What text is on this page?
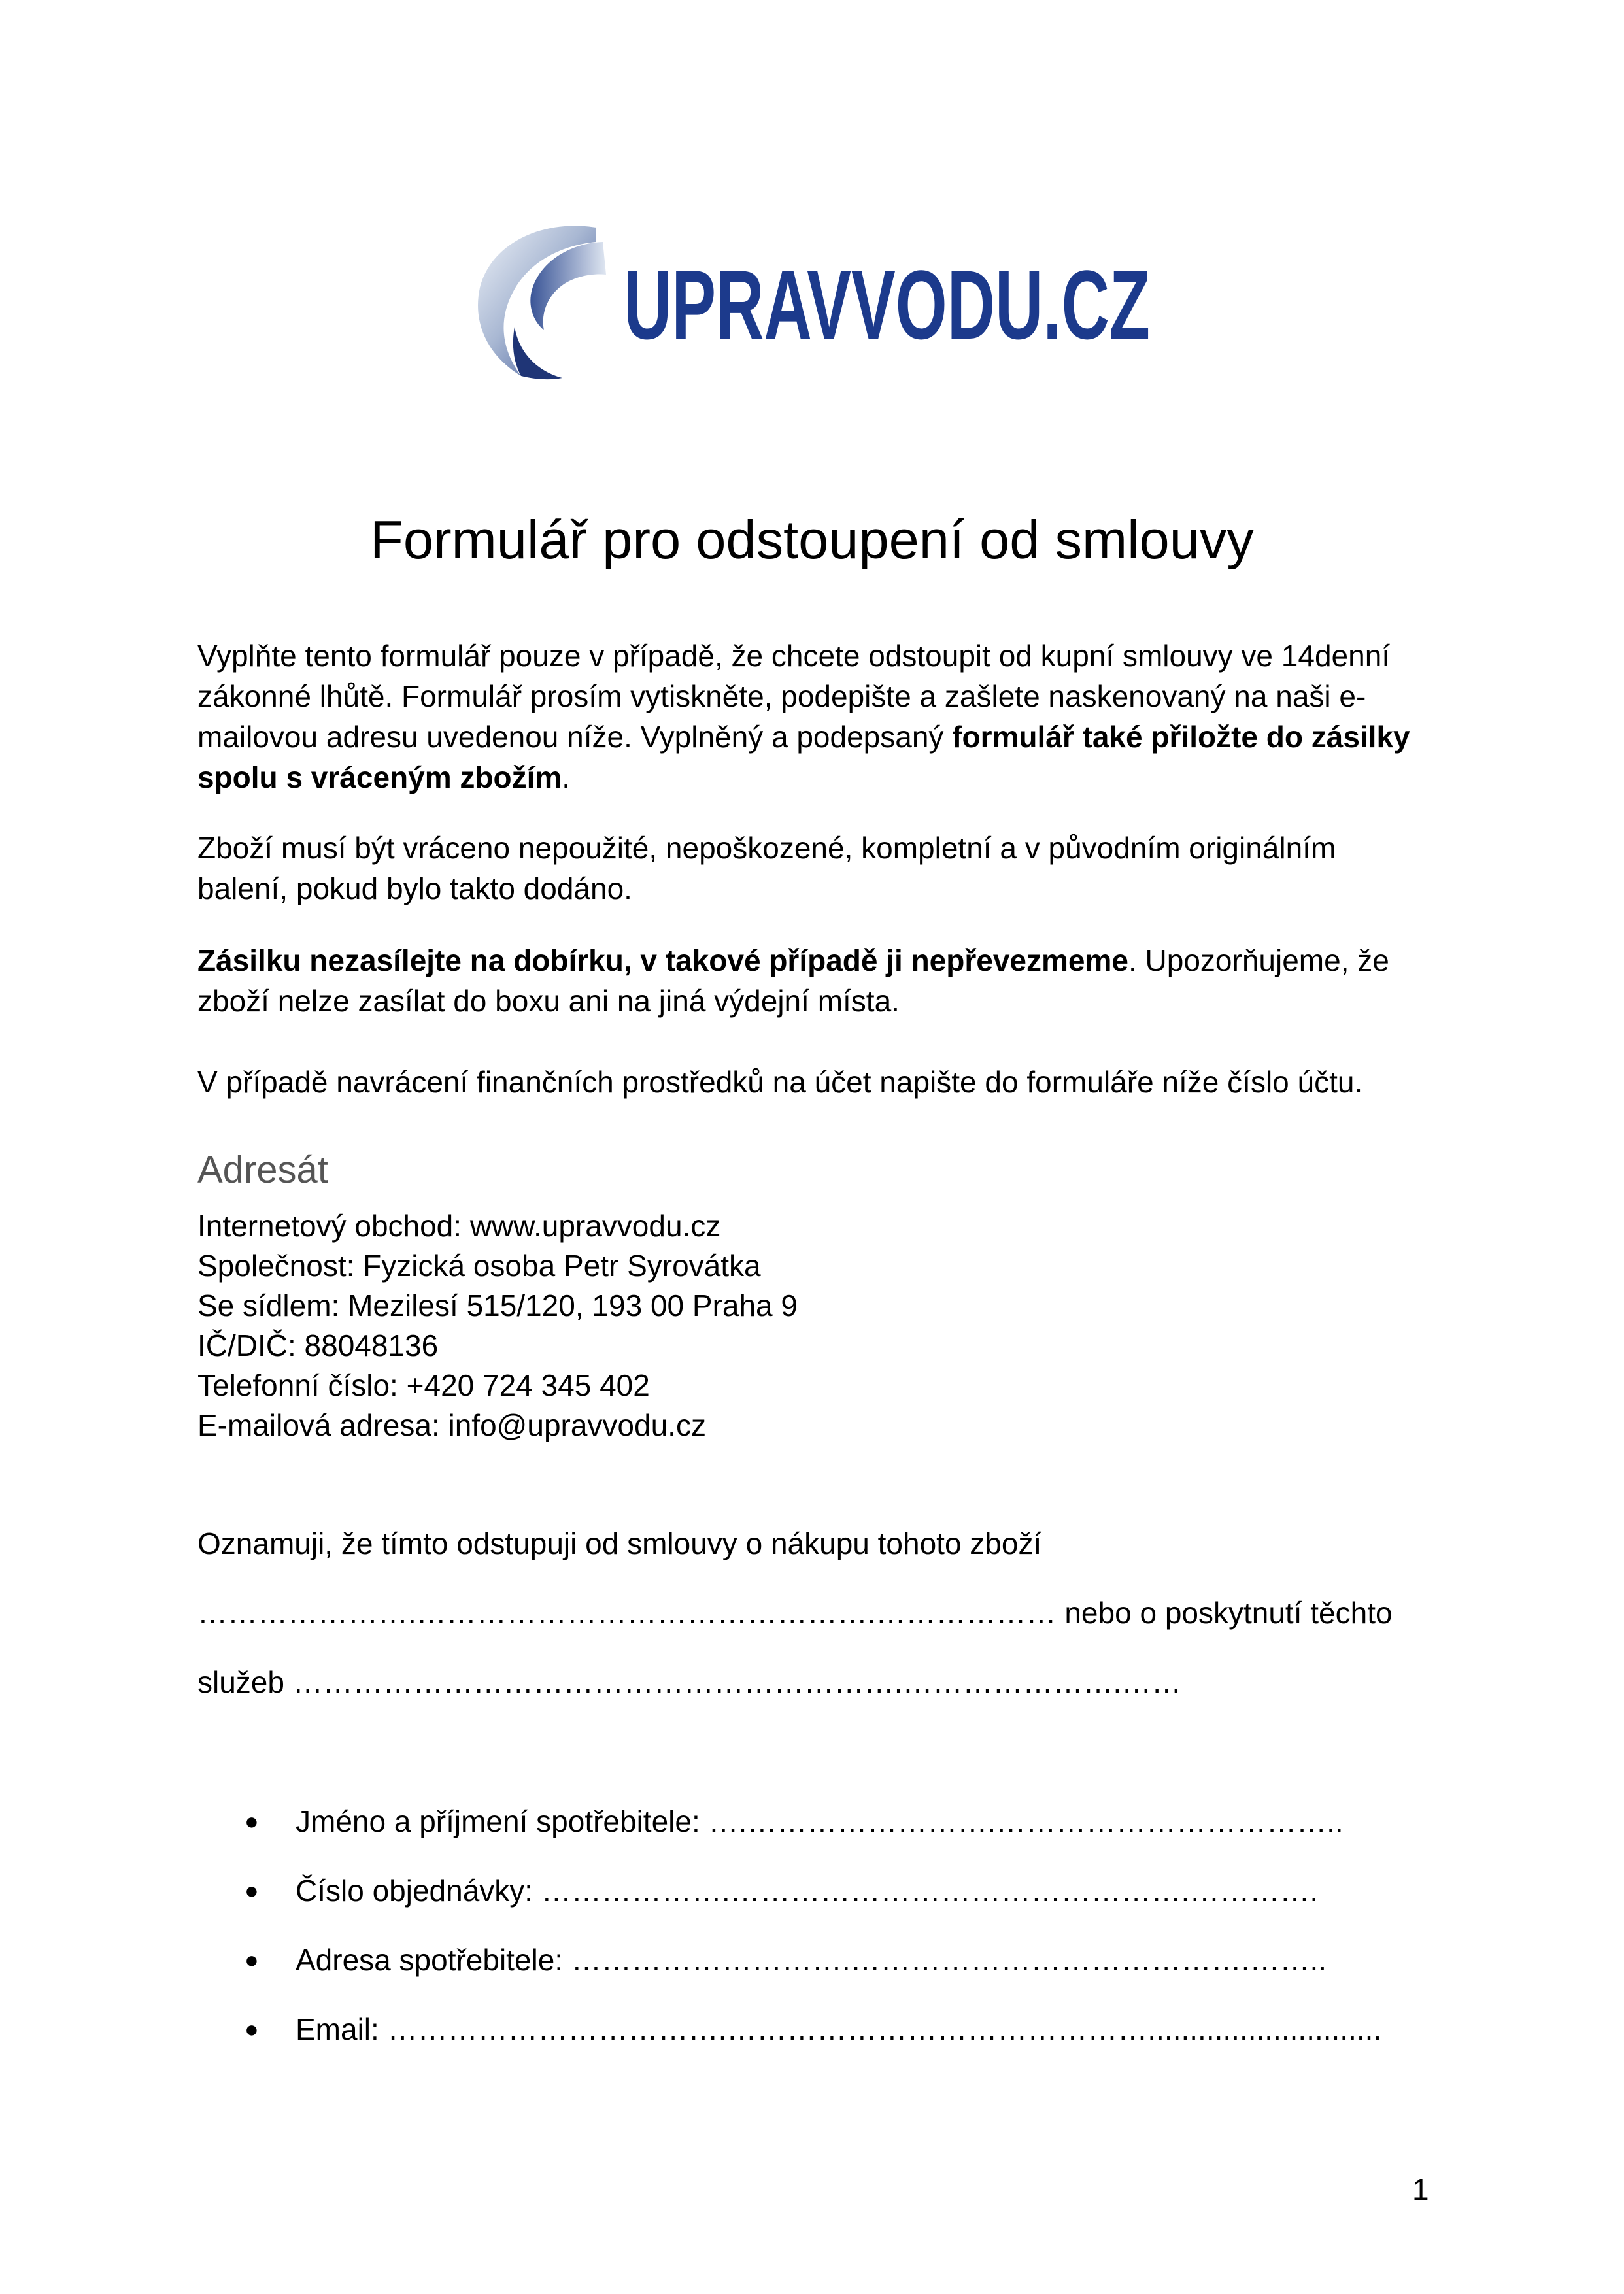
UPRAVVODU.CZ
Formulář pro odstoupení od smlouvy

Vyplňte tento formulář pouze v případě, že chcete odstoupit od kupní smlouvy ve 14denní zákonné lhůtě. Formulář prosím vytiskněte, podepište a zašlete naskenovaný na naši e-mailovou adresu uvedenou níže. Vyplněný a podepsaný formulář také přiložte do zásilky spolu s vráceným zbožím.

Zboží musí být vráceno nepoužité, nepoškozené, kompletní a v původním originálním balení, pokud bylo takto dodáno.

Zásilku nezasílejte na dobírku, v takové případě ji nepřevezmeme. Upozorňujeme, že zboží nelze zasílat do boxu ani na jiná výdejní místa.

V případě navrácení finančních prostředků na účet napište do formuláře níže číslo účtu.

Adresát
Internetový obchod: www.upravvodu.cz
Společnost: Fyzická osoba Petr Syrovátka
Se sídlem: Mezilesí 515/120, 193 00 Praha 9
IČ/DIČ: 88048136
Telefonní číslo: +420 724 345 402
E-mailová adresa: info@upravvodu.cz
Oznamuji, že tímto odstupuji od smlouvy o nákupu tohoto zboží
………………….……………………………………….……………… nebo o poskytnutí těchto
služeb …………………………………………………….………………….……
● Jméno a příjmení spotřebitele: ….…………………….……………………………..
● Číslo objednávky: ……………….……………………………………….………….
● Adresa spotřebitele: ……………………….………………………………….……..
● Email: …………………………….……………………………………............................
1
